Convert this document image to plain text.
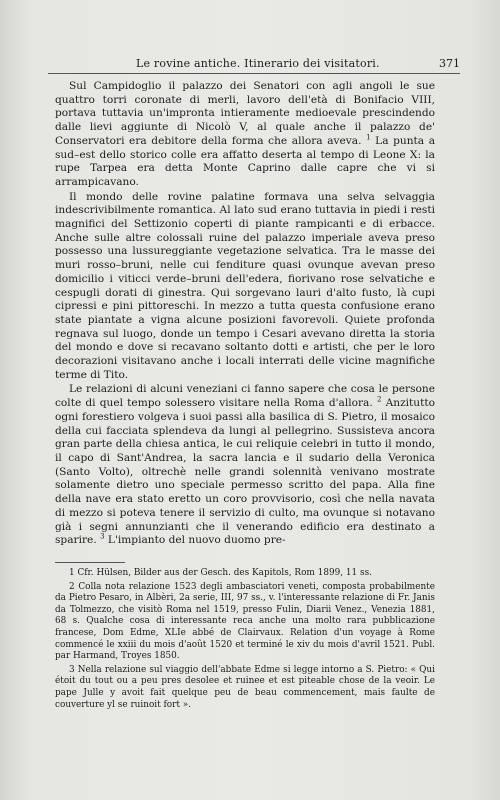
Le rovine antiche. Itinerario dei visitatori.	371

Sul Campidoglio il palazzo dei Senatori con agli angoli le sue quattro torri coronate di merli, lavoro dell'età di Bonifacio VIII, portava tuttavia un'impronta intieramente medioevale prescindendo dalle lievi aggiunte di Nicolò V, al quale anche il palazzo de' Conservatori era debitore della forma che allora aveva. $^1$ La punta a sud–est dello storico colle era affatto deserta al tempo di Leone X: la rupe Tarpea era detta Monte Caprino dalle capre che vi si arrampicavano.

Il mondo delle rovine palatine formava una selva selvaggia indescrivibilmente romantica. Al lato sud erano tuttavia in piedi i resti magnifici del Settizonio coperti di piante rampicanti e di erbacce. Anche sulle altre colossali ruine del palazzo imperiale aveva preso possesso una lussureggiante vegetazione selvatica. Tra le masse dei muri rosso–bruni, nelle cui fenditure quasi ovunque avevan preso domicilio i viticci verde–bruni dell'edera, fiorivano rose selvatiche e cespugli dorati di ginestra. Qui sorgevano lauri d'alto fusto, là cupi cipressi e pini pittoreschi. In mezzo a tutta questa confusione erano state piantate a vigna alcune posizioni favorevoli. Quiete profonda regnava sul luogo, donde un tempo i Cesari avevano diretta la storia del mondo e dove si recavano soltanto dotti e artisti, che per le loro decorazioni visitavano anche i locali interrati delle vicine magnifiche terme di Tito.

Le relazioni di alcuni veneziani ci fanno sapere che cosa le persone colte di quel tempo solessero visitare nella Roma d'allora. $^2$ Anzitutto ogni forestiero volgeva i suoi passi alla basilica di S. Pietro, il mosaico della cui facciata splendeva da lungi al pellegrino. Sussisteva ancora gran parte della chiesa antica, le cui reliquie celebri in tutto il mondo, il capo di Sant'Andrea, la sacra lancia e il sudario della Veronica (Santo Volto), oltrechè nelle grandi solennità venivano mostrate solamente dietro uno speciale permesso scritto del papa. Alla fine della nave era stato eretto un coro provvisorio, così che nella navata di mezzo si poteva tenere il servizio di culto, ma ovunque si notavano già i segni annunzianti che il venerando edificio era destinato a sparire. $^3$ L'impianto del nuovo duomo pre-

1 Cfr. Hülsen, Bilder aus der Gesch. des Kapitols, Rom 1899, 11 ss.

2 Colla nota relazione 1523 degli ambasciatori veneti, composta probabilmente da Pietro Pesaro, in Albèri, 2a serie, III, 97 ss., v. l'interessante relazione di Fr. Janis da Tolmezzo, che visitò Roma nel 1519, presso Fulin, Diarii Venez., Venezia 1881, 68 s. Qualche cosa di interessante reca anche una molto rara pubblicazione francese, Dom Edme, XLIe abbé de Clairvaux. Relation d'un voyage à Rome commencé le xxiii du mois d'août 1520 et terminé le xiv du mois d'avril 1521. Publ. par Harmand, Troyes 1850.

3 Nella relazione sul viaggio dell'abbate Edme si legge intorno a S. Pietro: « Qui étoit du tout ou a peu pres desolee et ruinee et est piteable chose de la veoir. Le pape Julle y avoit fait quelque peu de beau commencement, mais faulte de couverture yl se ruinoit fort ».
